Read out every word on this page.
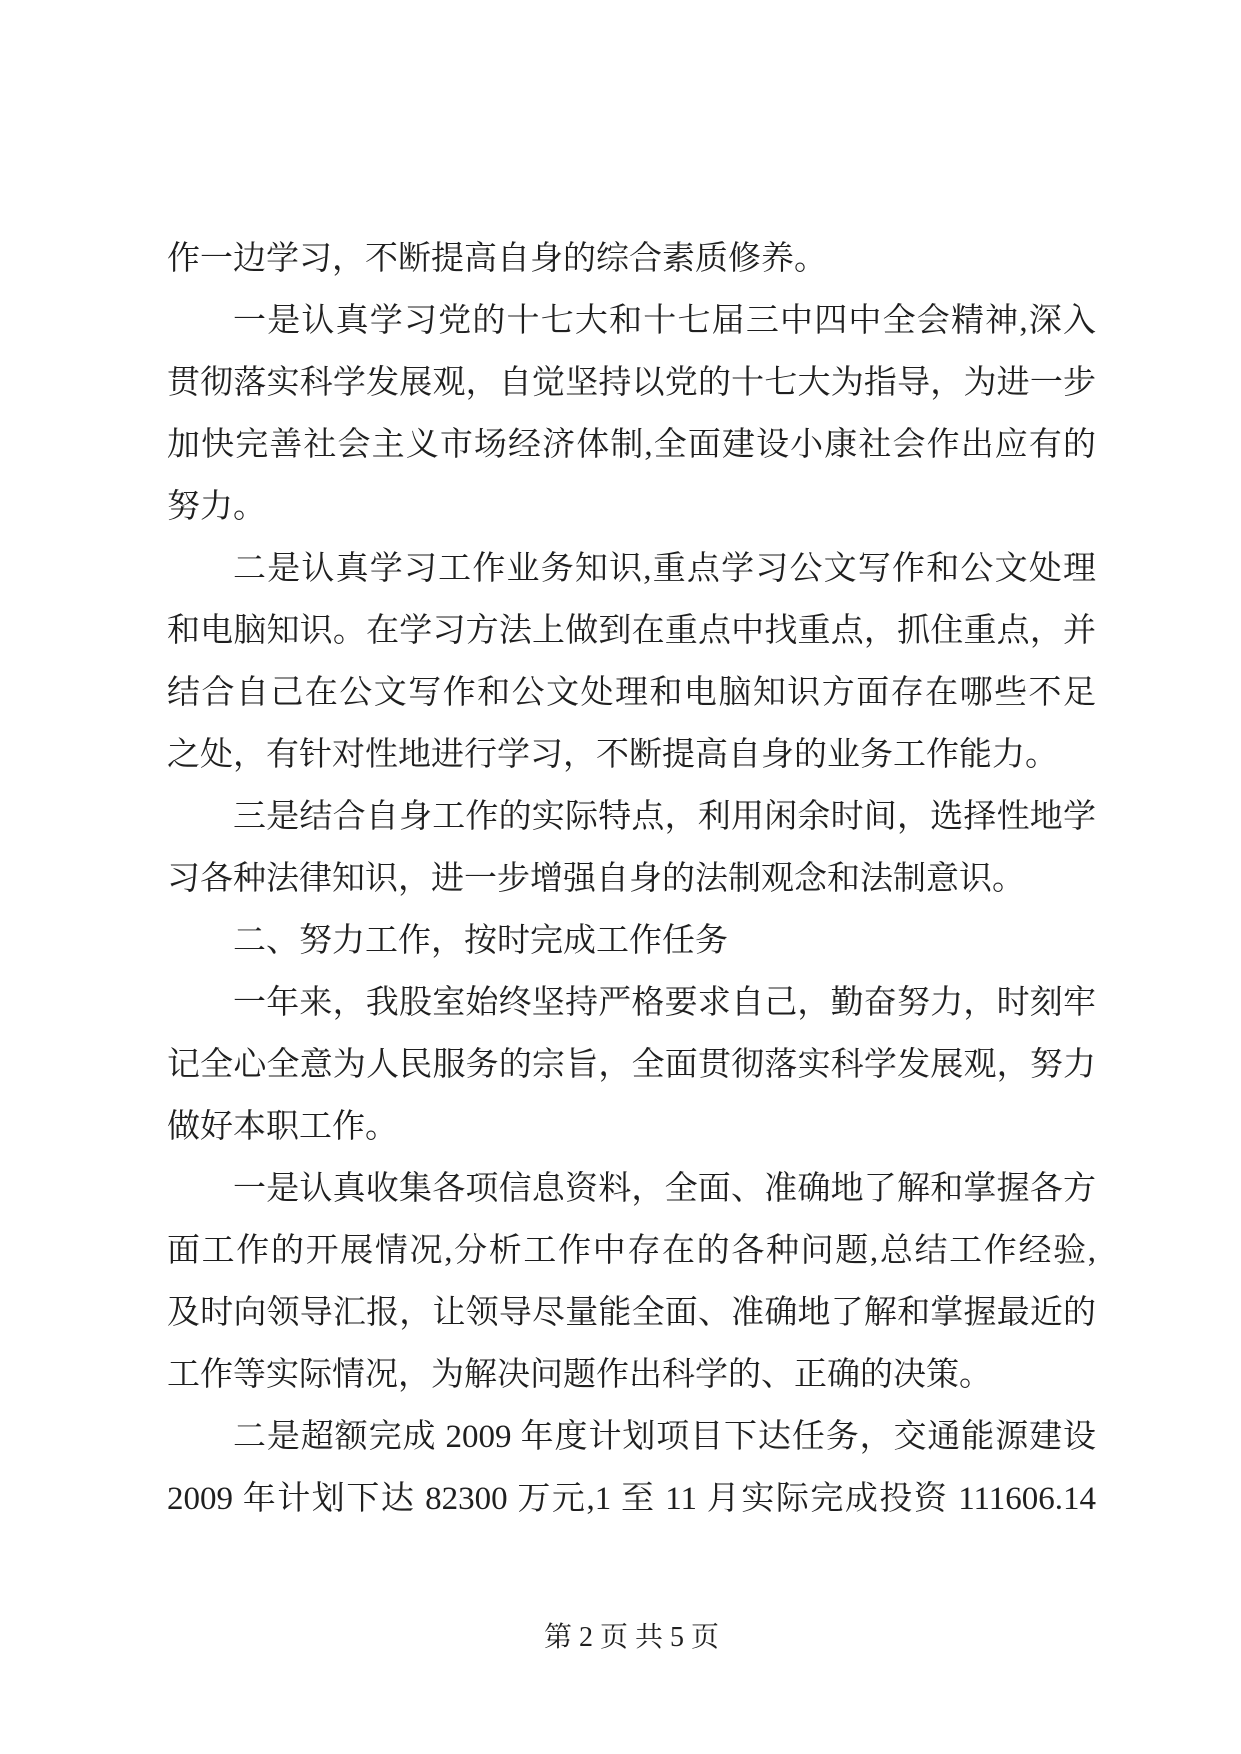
作一边学习，不断提高自身的综合素质修养。
一是认真学习党的十七大和十七届三中四中全会精神,深入
贯彻落实科学发展观，自觉坚持以党的十七大为指导，为进一步
加快完善社会主义市场经济体制,全面建设小康社会作出应有的
努力。
二是认真学习工作业务知识,重点学习公文写作和公文处理
和电脑知识。在学习方法上做到在重点中找重点，抓住重点，并
结合自己在公文写作和公文处理和电脑知识方面存在哪些不足
之处，有针对性地进行学习，不断提高自身的业务工作能力。
三是结合自身工作的实际特点，利用闲余时间，选择性地学
习各种法律知识，进一步增强自身的法制观念和法制意识。
二、努力工作，按时完成工作任务
一年来，我股室始终坚持严格要求自己，勤奋努力，时刻牢
记全心全意为人民服务的宗旨，全面贯彻落实科学发展观，努力
做好本职工作。
一是认真收集各项信息资料，全面、准确地了解和掌握各方
面工作的开展情况,分析工作中存在的各种问题,总结工作经验,
及时向领导汇报，让领导尽量能全面、准确地了解和掌握最近的
工作等实际情况，为解决问题作出科学的、正确的决策。
二是超额完成 2009 年度计划项目下达任务，交通能源建设
2009 年计划下达 82300 万元,1 至 11 月实际完成投资 111606.14
第 2 页 共 5 页
